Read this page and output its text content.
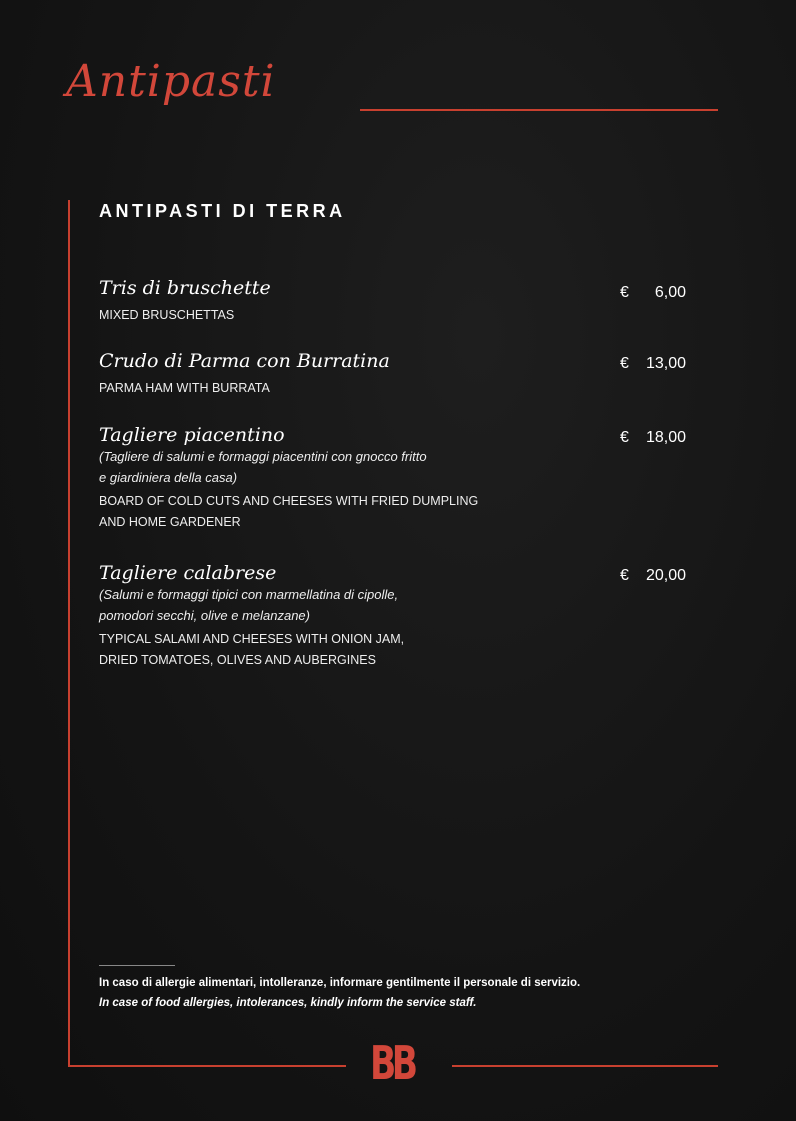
Antipasti
ANTIPASTI DI TERRA
Tris di bruschette
MIXED BRUSCHETTAS
€ 6,00
Crudo di Parma con Burratina
PARMA HAM WITH BURRATA
€ 13,00
Tagliere piacentino
(Tagliere di salumi e formaggi piacentini con gnocco fritto
e giardiniera della casa)
BOARD OF COLD CUTS AND CHEESES WITH FRIED DUMPLING
AND HOME GARDENER
€ 18,00
Tagliere calabrese
(Salumi e formaggi tipici con marmellatina di cipolle,
pomodori secchi, olive e melanzane)
TYPICAL SALAMI AND CHEESES WITH ONION JAM,
DRIED TOMATOES, OLIVES AND AUBERGINES
€ 20,00
In caso di allergie alimentari, intolleranze, informare gentilmente il personale di servizio.
In case of food allergies, intolerances, kindly inform the service staff.
BB
